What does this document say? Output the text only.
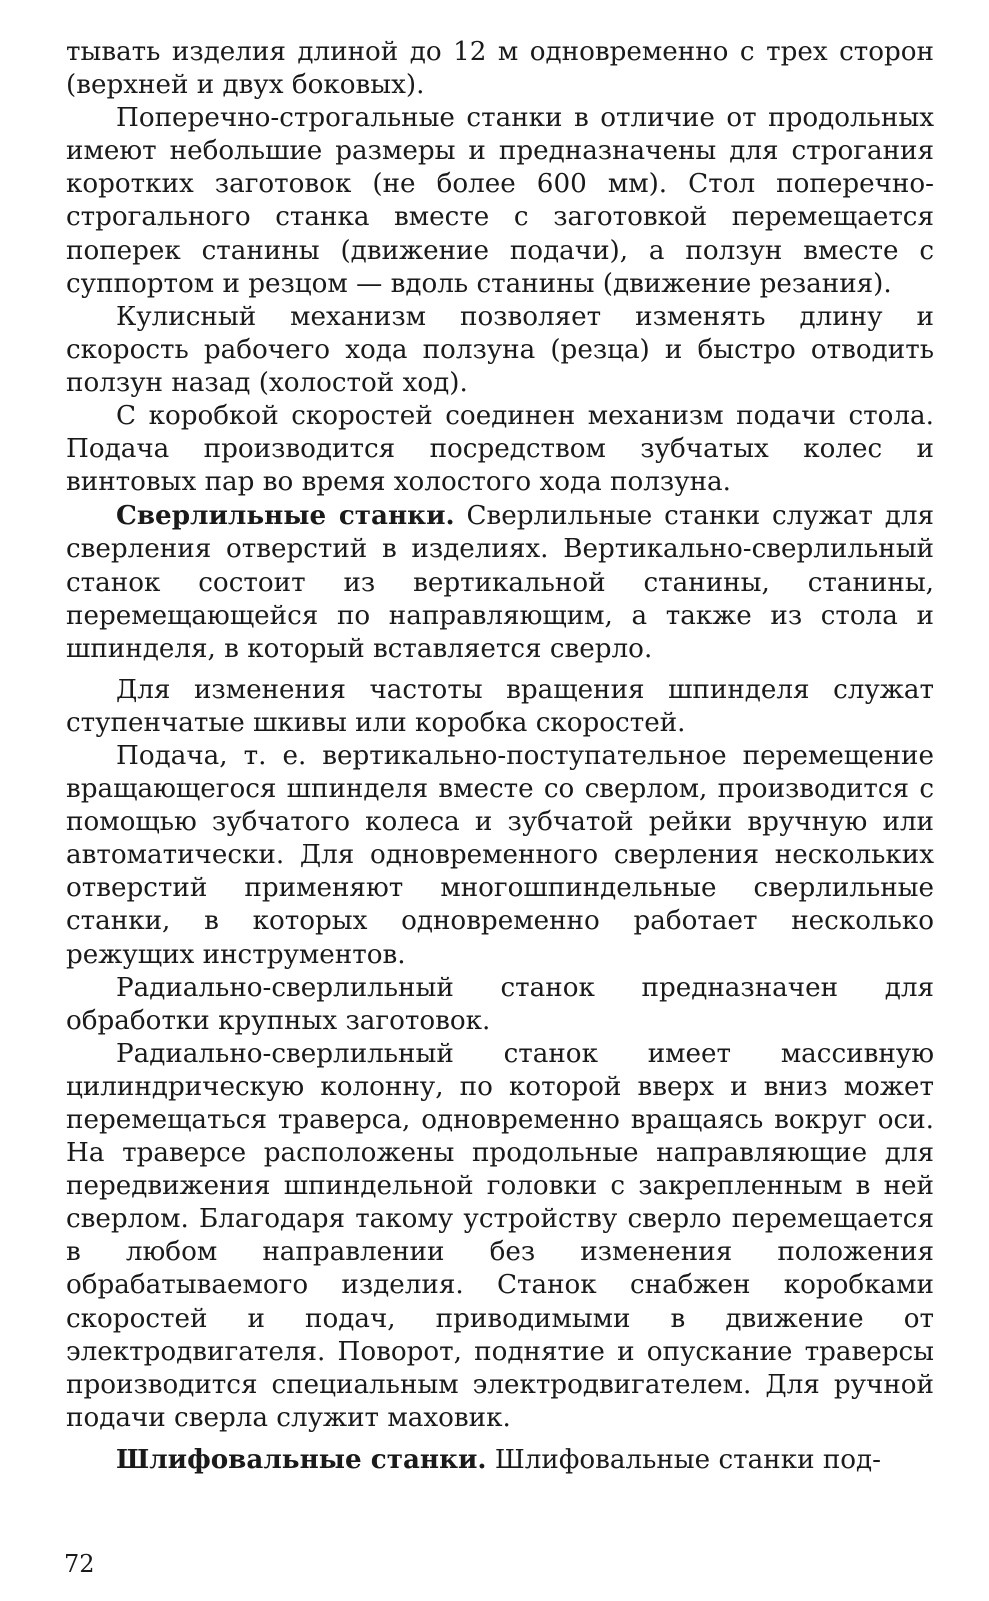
тывать изделия длиной до 12 м одновременно с трех сторон (верхней и двух боковых).

Поперечно-строгальные станки в отличие от продольных имеют небольшие размеры и предназначены для строгания коротких заготовок (не более 600 мм). Стол поперечно-строгального станка вместе с заготовкой перемещается поперек станины (движение подачи), а ползун вместе с суппортом и резцом — вдоль станины (движение резания).

Кулисный механизм позволяет изменять длину и скорость рабочего хода ползуна (резца) и быстро отводить ползун назад (холостой ход).

С коробкой скоростей соединен механизм подачи стола. Подача производится посредством зубчатых колес и винтовых пар во время холостого хода ползуна.

Сверлильные станки. Сверлильные станки служат для сверления отверстий в изделиях. Вертикально-сверлильный станок состоит из вертикальной станины, станины, перемещающейся по направляющим, а также из стола и шпинделя, в который вставляется сверло.

Для изменения частоты вращения шпинделя служат ступенчатые шкивы или коробка скоростей.

Подача, т. е. вертикально-поступательное перемещение вращающегося шпинделя вместе со сверлом, производится с помощью зубчатого колеса и зубчатой рейки вручную или автоматически. Для одновременного сверления нескольких отверстий применяют многошпиндельные сверлильные станки, в которых одновременно работает несколько режущих инструментов.

Радиально-сверлильный станок предназначен для обработки крупных заготовок.

Радиально-сверлильный станок имеет массивную цилиндрическую колонну, по которой вверх и вниз может перемещаться траверса, одновременно вращаясь вокруг оси. На траверсе расположены продольные направляющие для передвижения шпиндельной головки с закрепленным в ней сверлом. Благодаря такому устройству сверло перемещается в любом направлении без изменения положения обрабатываемого изделия. Станок снабжен коробками скоростей и подач, приводимыми в движение от электродвигателя. Поворот, поднятие и опускание траверсы производится специальным электродвигателем. Для ручной подачи сверла служит маховик.

Шлифовальные станки. Шлифовальные станки под-

72
